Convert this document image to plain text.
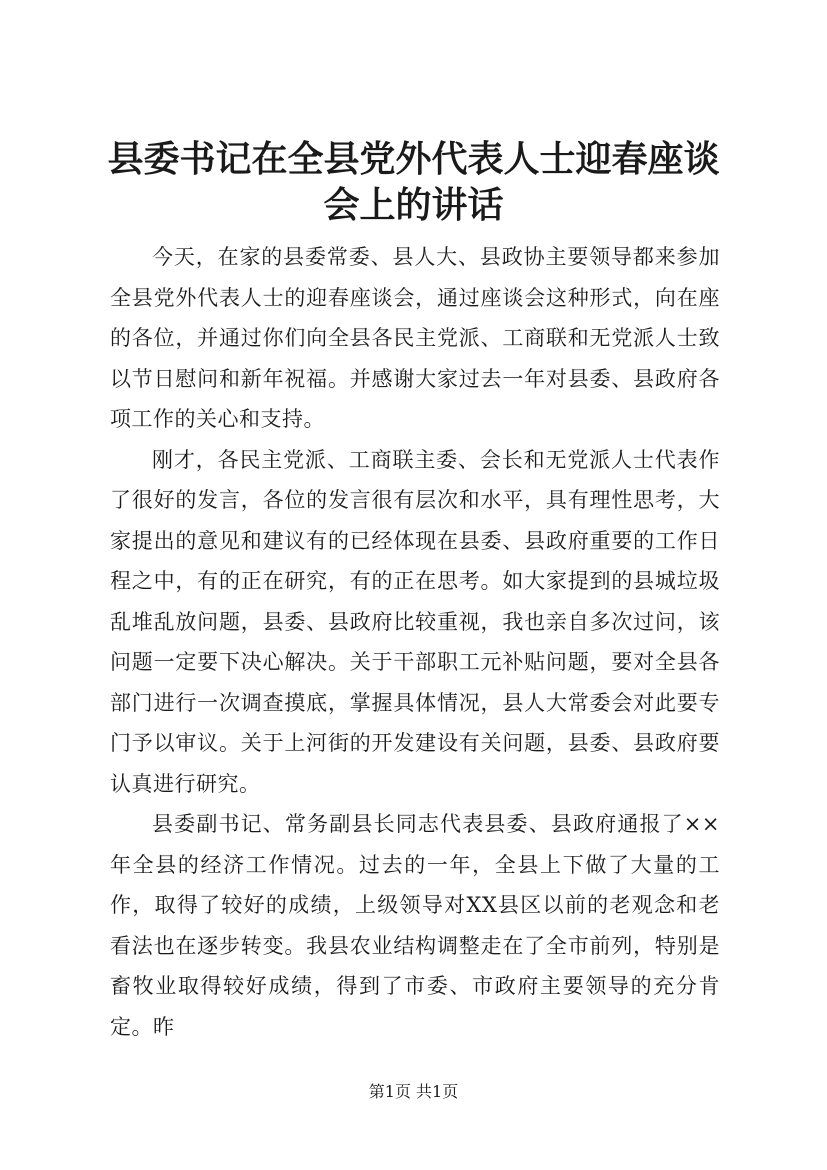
县委书记在全县党外代表人士迎春座谈会上的讲话

今天，在家的县委常委、县人大、县政协主要领导都来参加全县党外代表人士的迎春座谈会，通过座谈会这种形式，向在座的各位，并通过你们向全县各民主党派、工商联和无党派人士致以节日慰问和新年祝福。并感谢大家过去一年对县委、县政府各项工作的关心和支持。

刚才，各民主党派、工商联主委、会长和无党派人士代表作了很好的发言，各位的发言很有层次和水平，具有理性思考，大家提出的意见和建议有的已经体现在县委、县政府重要的工作日程之中，有的正在研究，有的正在思考。如大家提到的县城垃圾乱堆乱放问题，县委、县政府比较重视，我也亲自多次过问，该问题一定要下决心解决。关于干部职工元补贴问题，要对全县各部门进行一次调查摸底，掌握具体情况，县人大常委会对此要专门予以审议。关于上河街的开发建设有关问题，县委、县政府要认真进行研究。

县委副书记、常务副县长同志代表县委、县政府通报了××年全县的经济工作情况。过去的一年，全县上下做了大量的工作，取得了较好的成绩，上级领导对XX县区以前的老观念和老看法也在逐步转变。我县农业结构调整走在了全市前列，特别是畜牧业取得较好成绩，得到了市委、市政府主要领导的充分肯定。昨

第1页 共1页
